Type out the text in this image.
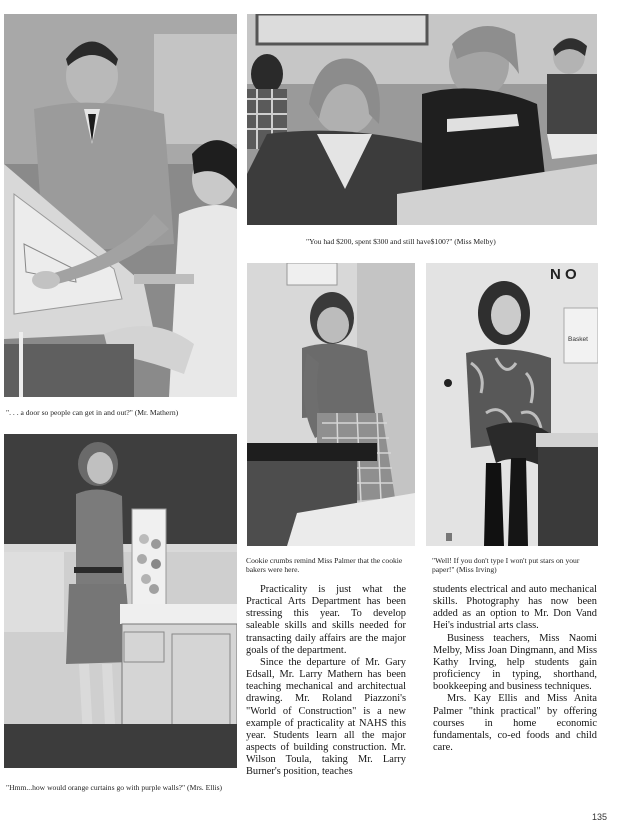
". . . a door so people can get in and out?" (Mr. Mathern)
"You had $200, spent $300 and still have$100?" (Miss Melby)
Cookie crumbs remind Miss Palmer that the cookie bakers were here.
N O
Basket
"Well! If you don't type I won't put stars on your paper!" (Miss Irving)
"Hmm...how would orange curtains go with purple walls?" (Mrs. Ellis)

Practicality is just what the Practical Arts Department has been stressing this year. To develop saleable skills and skills needed for transacting daily affairs are the major goals of the department.

Since the departure of Mr. Gary Edsall, Mr. Larry Mathern has been teaching mechanical and architectual drawing. Mr. Roland Piazzoni's "World of Construction" is a new example of practicality at NAHS this year. Students learn all the major aspects of building construction. Mr. Wilson Toula, taking Mr. Larry Burner's position, teaches

students electrical and auto mechanical skills. Photography has now been added as an option to Mr. Don Vand Hei's industrial arts class.

Business teachers, Miss Naomi Melby, Miss Joan Dingmann, and Miss Kathy Irving, help students gain proficiency in typing, shorthand, bookkeeping and business techniques.

Mrs. Kay Ellis and Miss Anita Palmer "think practical" by offering courses in home economic fundamentals, co-ed foods and child care.

135
